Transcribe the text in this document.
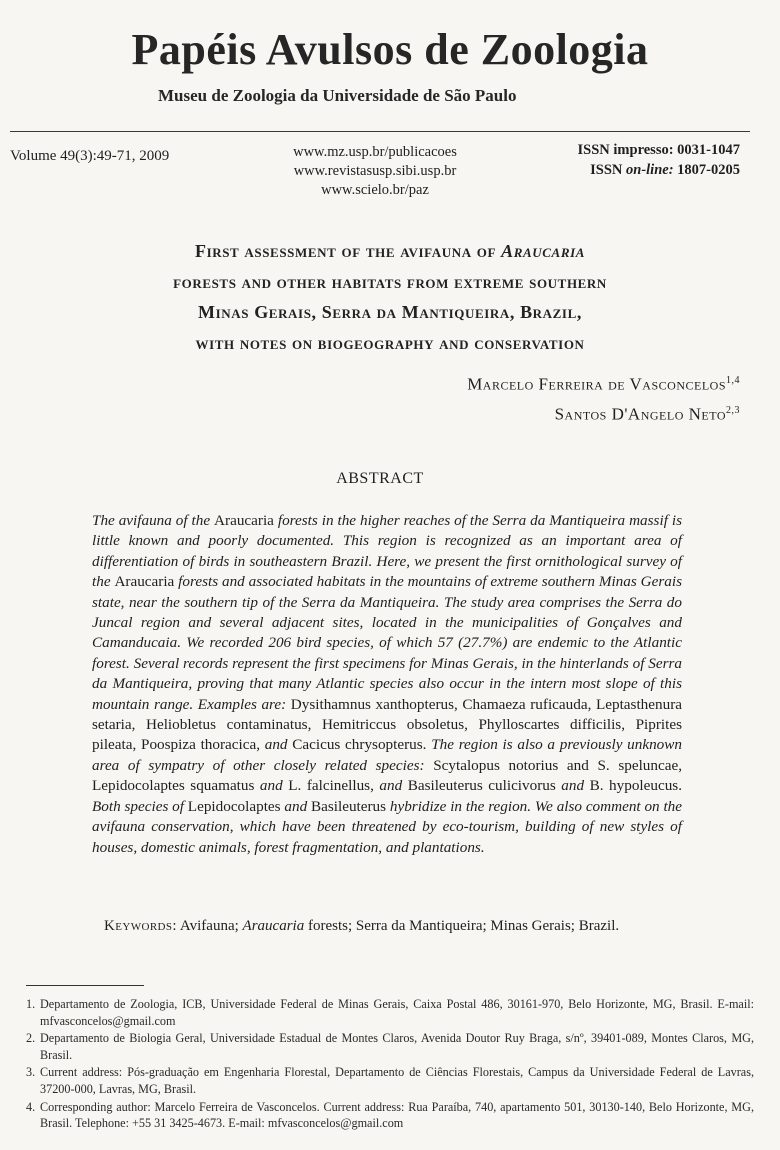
Papéis Avulsos de Zoologia
Museu de Zoologia da Universidade de São Paulo
Volume 49(3):49-71, 2009	www.mz.usp.br/publicacoes
www.revistasusp.sibi.usp.br
www.scielo.br/paz
ISSN impresso: 0031-1047
ISSN on-line: 1807-0205
First assessment of the avifauna of Araucaria
forests and other habitats from extreme southern
Minas Gerais, Serra da Mantiqueira, Brazil,
with notes on biogeography and conservation
Marcelo Ferreira de Vasconcelos$^{1,4}$
Santos D'Angelo Neto$^{2,3}$
ABSTRACT
The avifauna of the Araucaria forests in the higher reaches of the Serra da Mantiqueira massif is little known and poorly documented. This region is recognized as an important area of differentiation of birds in southeastern Brazil. Here, we present the first ornithological survey of the Araucaria forests and associated habitats in the mountains of extreme southern Minas Gerais state, near the southern tip of the Serra da Mantiqueira. The study area comprises the Serra do Juncal region and several adjacent sites, located in the municipalities of Gonçalves and Camanducaia. We recorded 206 bird species, of which 57 (27.7%) are endemic to the Atlantic forest. Several records represent the first specimens for Minas Gerais, in the hinterlands of Serra da Mantiqueira, proving that many Atlantic species also occur in the intern most slope of this mountain range. Examples are: Dysithamnus xanthopterus, Chamaeza ruficauda, Leptasthenura setaria, Heliobletus contaminatus, Hemitriccus obsoletus, Phylloscartes difficilis, Piprites pileata, Poospiza thoracica, and Cacicus chrysopterus. The region is also a previously unknown area of sympatry of other closely related species: Scytalopus notorius and S. speluncae, Lepidocolaptes squamatus and L. falcinellus, and Basileuterus culicivorus and B. hypoleucus. Both species of Lepidocolaptes and Basileuterus hybridize in the region. We also comment on the avifauna conservation, which have been threatened by eco-tourism, building of new styles of houses, domestic animals, forest fragmentation, and plantations.
Keywords: Avifauna; Araucaria forests; Serra da Mantiqueira; Minas Gerais; Brazil.
1. Departamento de Zoologia, ICB, Universidade Federal de Minas Gerais, Caixa Postal 486, 30161-970, Belo Horizonte, MG, Brasil. E-mail: mfvasconcelos@gmail.com
2. Departamento de Biologia Geral, Universidade Estadual de Montes Claros, Avenida Doutor Ruy Braga, s/nº, 39401-089, Montes Claros, MG, Brasil.
3. Current address: Pós-graduação em Engenharia Florestal, Departamento de Ciências Florestais, Campus da Universidade Federal de Lavras, 37200-000, Lavras, MG, Brasil.
4. Corresponding author: Marcelo Ferreira de Vasconcelos. Current address: Rua Paraíba, 740, apartamento 501, 30130-140, Belo Horizonte, MG, Brasil. Telephone: +55 31 3425-4673. E-mail: mfvasconcelos@gmail.com
